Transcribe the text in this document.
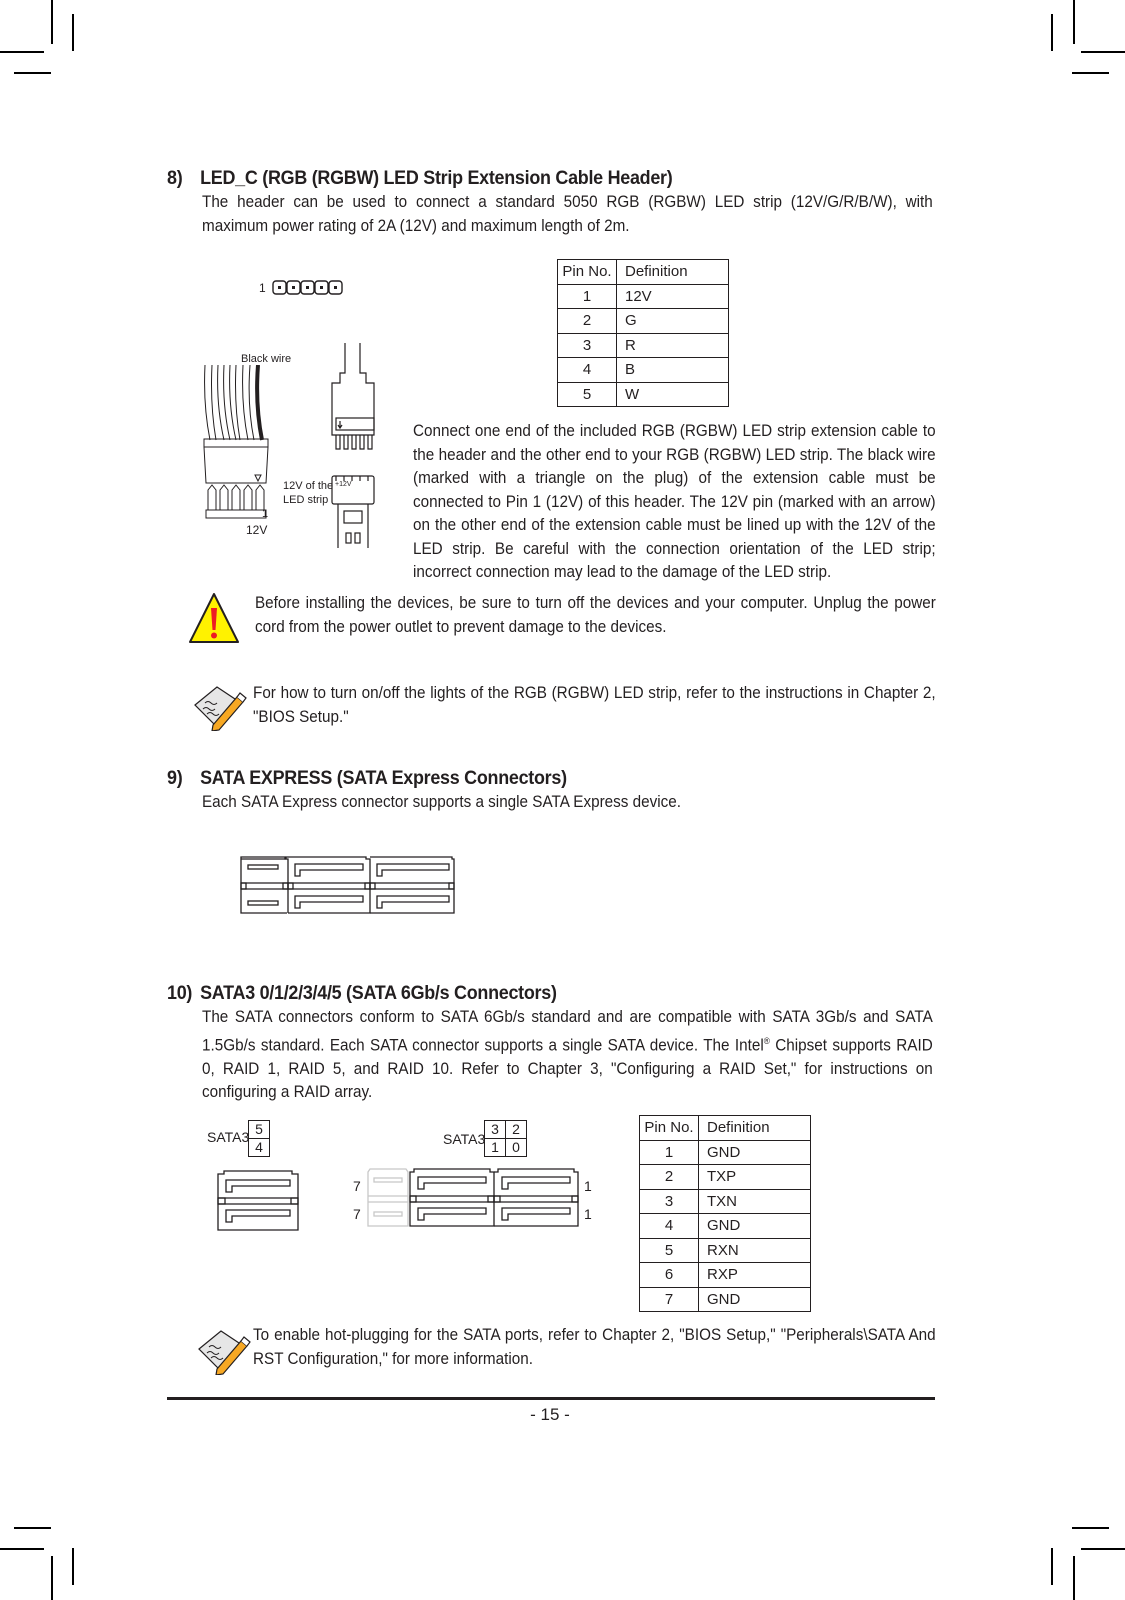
8) LED_C (RGB (RGBW) LED Strip Extension Cable Header)

The header can be used to connect a standard 5050 RGB (RGBW) LED strip (12V/G/R/B/W), with maximum power rating of 2A (12V) and maximum length of 2m.

1
Black wire
1
12V
+12V
12V of the
LED strip
Pin No.	Definition
1	12V
2	G
3	R
4	B
5	W

Connect one end of the included RGB (RGBW) LED strip extension cable to the header and the other end to your RGB (RGBW) LED strip. The black wire (marked with a triangle on the plug) of the extension cable must be connected to Pin 1 (12V) of this header. The 12V pin (marked with an arrow) on the other end of the extension cable must be lined up with the 12V of the LED strip. Be careful with the connection orientation of the LED strip; incorrect connection may lead to the damage of the LED strip.

Before installing the devices, be sure to turn off the devices and your computer. Unplug the power cord from the power outlet to prevent damage to the devices.

For how to turn on/off the lights of the RGB (RGBW) LED strip, refer to the instructions in Chapter 2, "BIOS Setup."

9) SATA EXPRESS (SATA Express Connectors)

Each SATA Express connector supports a single SATA Express device.

10) SATA3 0/1/2/3/4/5 (SATA 6Gb/s Connectors)

The SATA connectors conform to SATA 6Gb/s standard and are compatible with SATA 3Gb/s and SATA 1.5Gb/s standard. Each SATA connector supports a single SATA device. The Intel® Chipset supports RAID 0, RAID 1, RAID 5, and RAID 10. Refer to Chapter 3, "Configuring a RAID Set," for instructions on configuring a RAID array.

SATA3 5
4	SATA3
3	2
1	0
7
7
1
1
Pin No.	Definition
1	GND
2	TXP
3	TXN
4	GND
5	RXN
6	RXP
7	GND

To enable hot-plugging for the SATA ports, refer to Chapter 2, "BIOS Setup," "Peripherals\SATA And RST Configuration," for more information.

- 15 -
